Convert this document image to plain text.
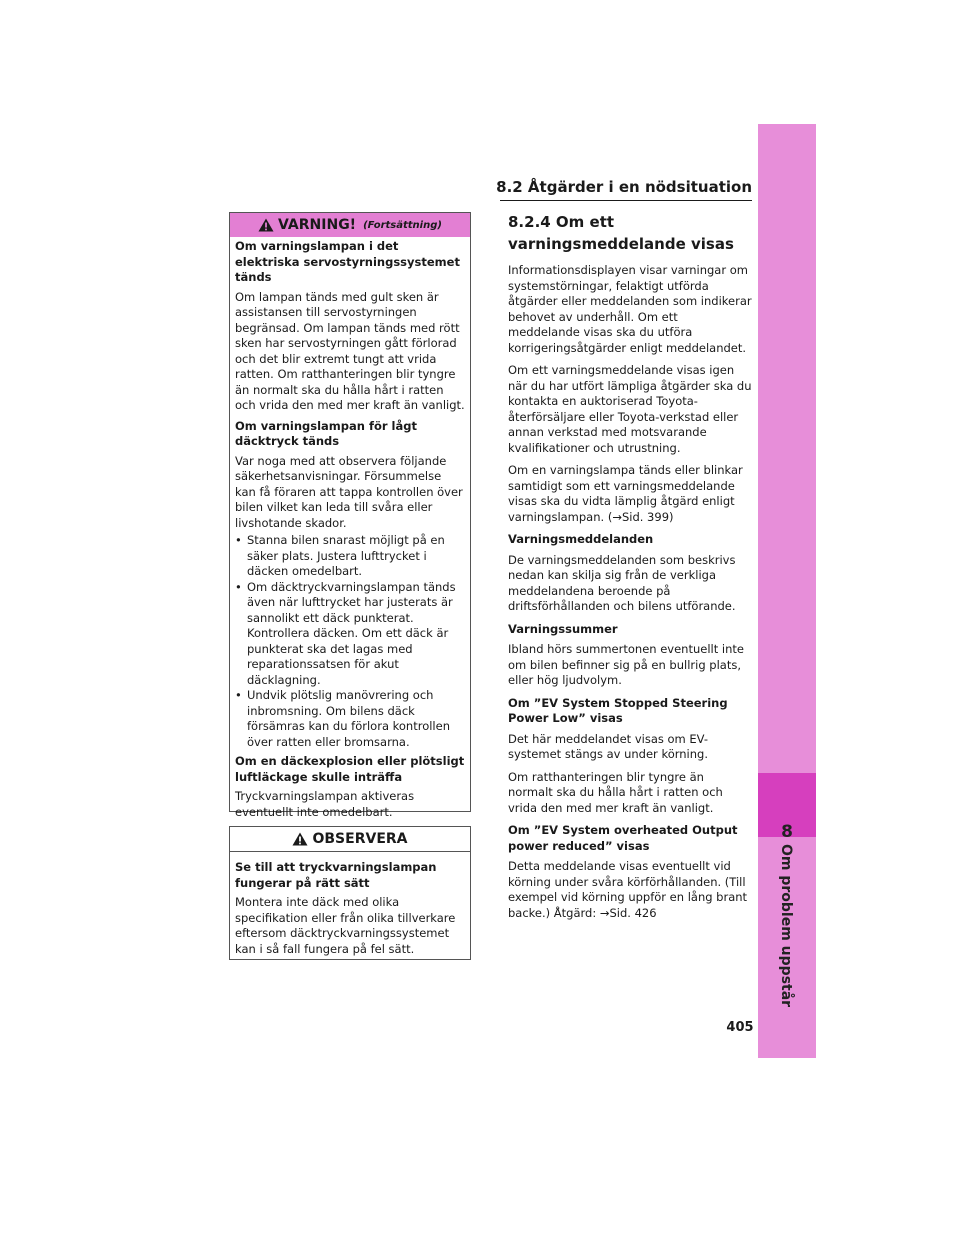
8.2 Åtgärder i en nödsituation
8
Om problem uppstår
VARNING! (Fortsättning)

Om varningslampan i det elektriska servostyrningssystemet tänds

Om lampan tänds med gult sken är assistansen till servostyrningen begränsad. Om lampan tänds med rött sken har servostyrningen gått förlorad och det blir extremt tungt att vrida ratten. Om ratthanteringen blir tyngre än normalt ska du hålla hårt i ratten och vrida den med mer kraft än vanligt.

Om varningslampan för lågt däcktryck tänds

Var noga med att observera följande säkerhetsanvisningar. Försummelse kan få föraren att tappa kontrollen över bilen vilket kan leda till svåra eller livshotande skador.

• Stanna bilen snarast möjligt på en säker plats. Justera lufttrycket i däcken omedelbart.
• Om däcktryckvarningslampan tänds även när lufttrycket har justerats är sannolikt ett däck punkterat. Kontrollera däcken. Om ett däck är punkterat ska det lagas med reparationssatsen för akut däcklagning.
• Undvik plötslig manövrering och inbromsning. Om bilens däck försämras kan du förlora kontrollen över ratten eller bromsarna.

Om en däckexplosion eller plötsligt luftläckage skulle inträffa

Tryckvarningslampan aktiveras eventuellt inte omedelbart.

OBSERVERA

Se till att tryckvarningslampan fungerar på rätt sätt

Montera inte däck med olika specifikation eller från olika tillverkare eftersom däcktryckvarningssystemet kan i så fall fungera på fel sätt.

8.2.4 Om ett varningsmeddelande visas

Informationsdisplayen visar varningar om systemstörningar, felaktigt utförda åtgärder eller meddelanden som indikerar behovet av underhåll. Om ett meddelande visas ska du utföra korrigeringsåtgärder enligt meddelandet.

Om ett varningsmeddelande visas igen när du har utfört lämpliga åtgärder ska du kontakta en auktoriserad Toyota-återförsäljare eller Toyota-verkstad eller annan verkstad med motsvarande kvalifikationer och utrustning.

Om en varningslampa tänds eller blinkar samtidigt som ett varningsmeddelande visas ska du vidta lämplig åtgärd enligt varningslampan. (→Sid. 399)

Varningsmeddelanden

De varningsmeddelanden som beskrivs nedan kan skilja sig från de verkliga meddelandena beroende på driftsförhållanden och bilens utförande.

Varningssummer

Ibland hörs summertonen eventuellt inte om bilen befinner sig på en bullrig plats, eller hög ljudvolym.

Om ”EV System Stopped Steering Power Low” visas

Det här meddelandet visas om EV-systemet stängs av under körning.

Om ratthanteringen blir tyngre än normalt ska du hålla hårt i ratten och vrida den med mer kraft än vanligt.

Om ”EV System overheated Output power reduced” visas

Detta meddelande visas eventuellt vid körning under svåra körförhållanden. (Till exempel vid körning uppför en lång brant backe.) Åtgärd: →Sid. 426

405
